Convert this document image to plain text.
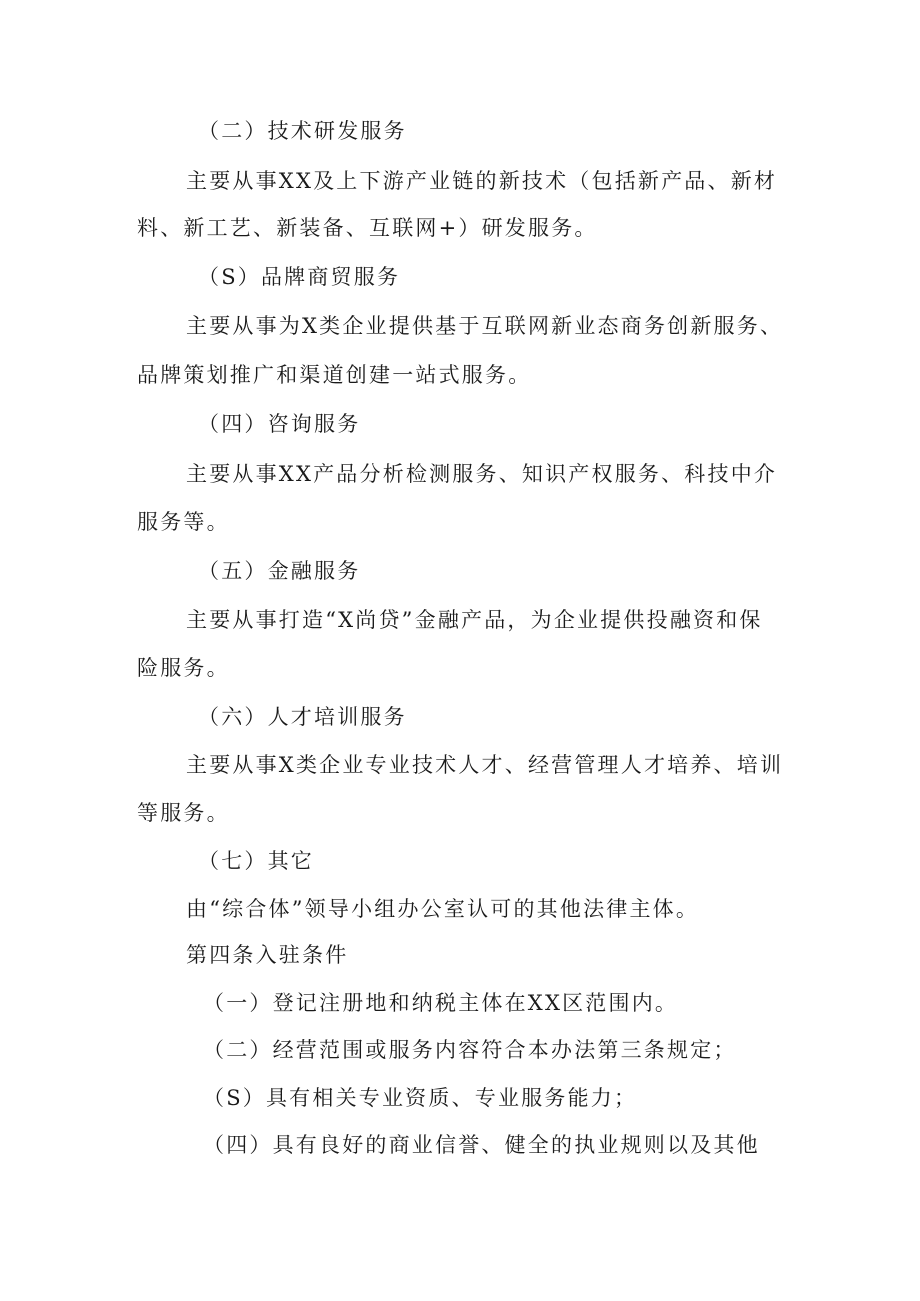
（二）技术研发服务
主要从事XX及上下游产业链的新技术（包括新产品、新材
料、新工艺、新装备、互联网+）研发服务。
（S）品牌商贸服务
主要从事为X类企业提供基于互联网新业态商务创新服务、
品牌策划推广和渠道创建一站式服务。
（四）咨询服务
主要从事XX产品分析检测服务、知识产权服务、科技中介
服务等。
（五）金融服务
主要从事打造“X尚贷”金融产品，为企业提供投融资和保
险服务。
（六）人才培训服务
主要从事X类企业专业技术人才、经营管理人才培养、培训
等服务。
（七）其它
由“综合体”领导小组办公室认可的其他法律主体。
第四条入驻条件
（一）登记注册地和纳税主体在XX区范围内。
（二）经营范围或服务内容符合本办法第三条规定；
（S）具有相关专业资质、专业服务能力；
（四）具有良好的商业信誉、健全的执业规则以及其他
